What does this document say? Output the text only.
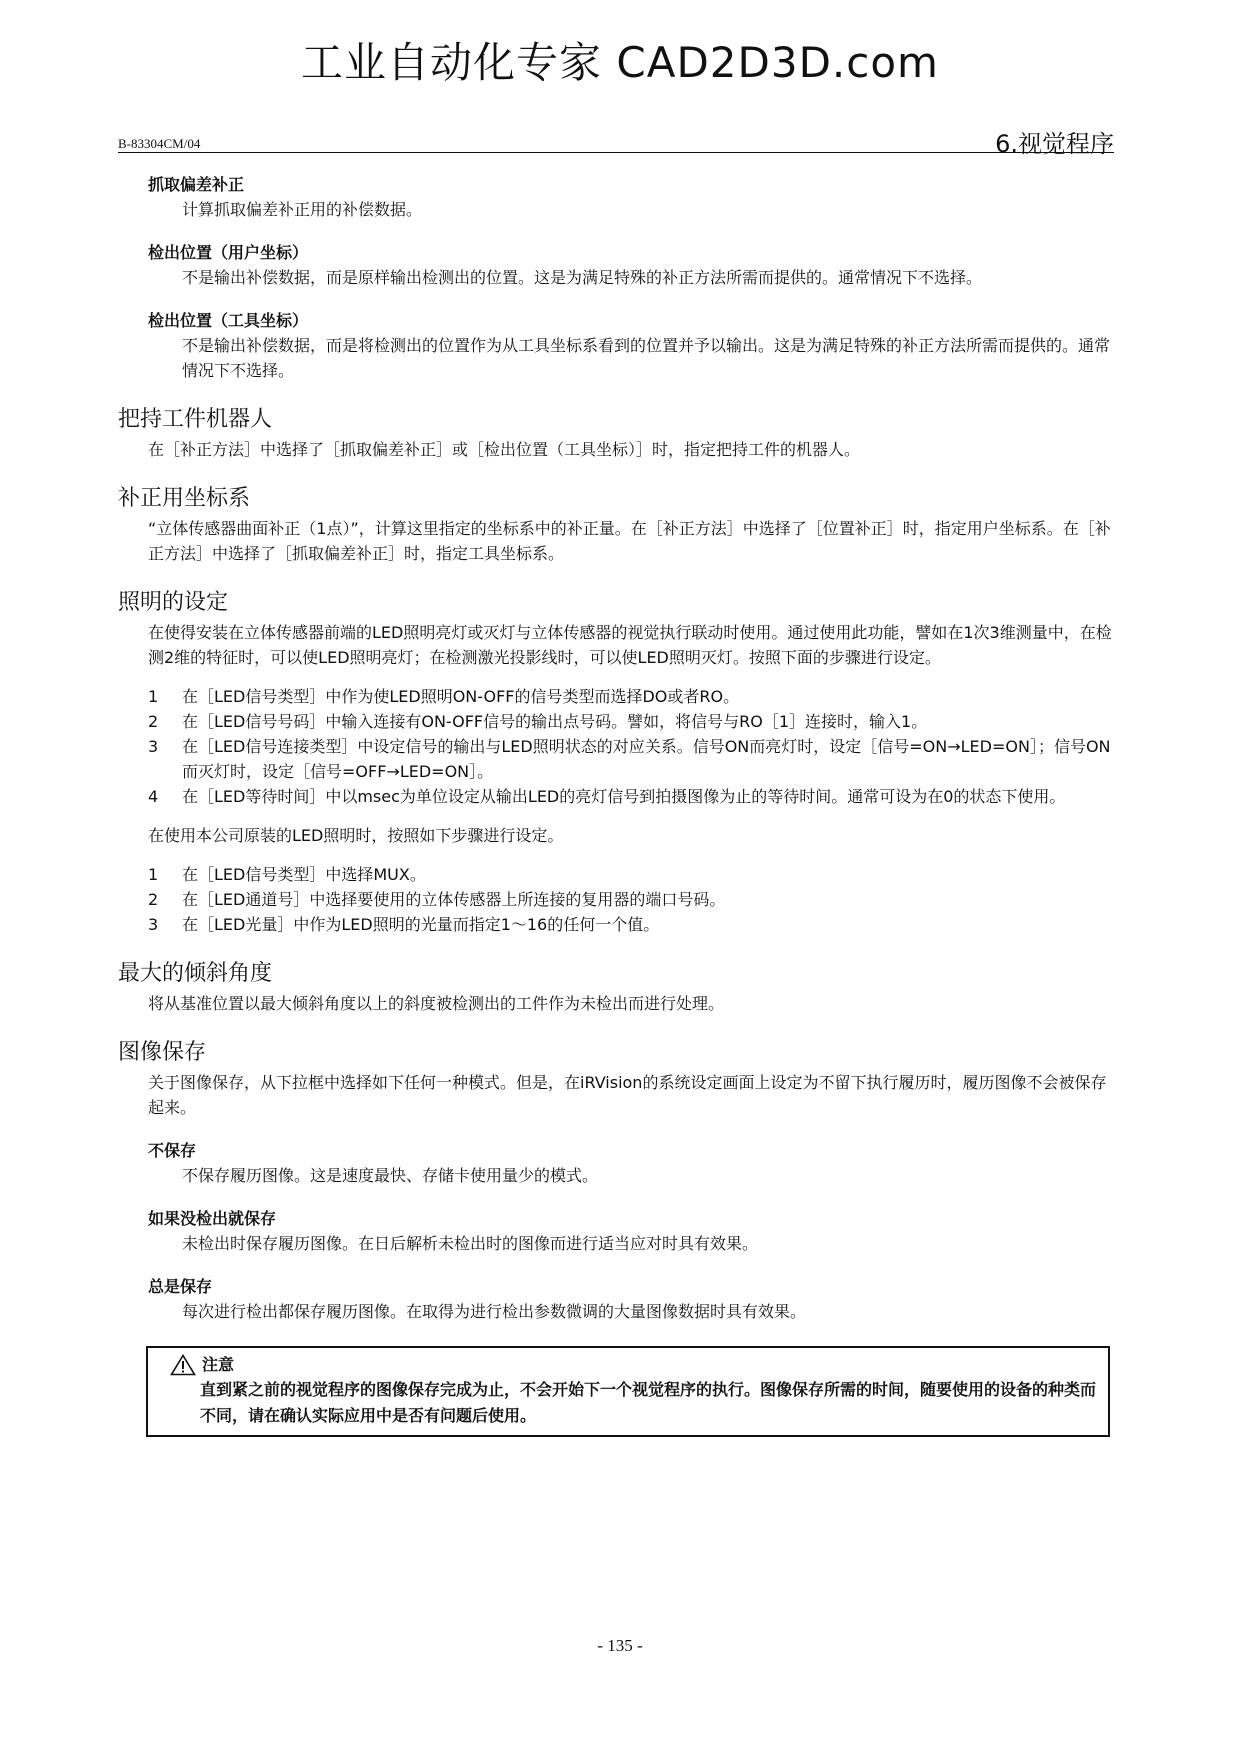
工业自动化专家 CAD2D3D.com
B-83304CM/04	6.视觉程序
抓取偏差补正
计算抓取偏差补正用的补偿数据。
检出位置（用户坐标）
不是输出补偿数据，而是原样输出检测出的位置。这是为满足特殊的补正方法所需而提供的。通常情况下不选择。
检出位置（工具坐标）
不是输出补偿数据，而是将检测出的位置作为从工具坐标系看到的位置并予以输出。这是为满足特殊的补正方法所需而提供的。通常情况下不选择。
把持工件机器人
在［补正方法］中选择了［抓取偏差补正］或［检出位置（工具坐标）］时，指定把持工件的机器人。
补正用坐标系
“立体传感器曲面补正（1点）”，计算这里指定的坐标系中的补正量。在［补正方法］中选择了［位置补正］时，指定用户坐标系。在［补正方法］中选择了［抓取偏差补正］时，指定工具坐标系。
照明的设定
在使得安装在立体传感器前端的LED照明亮灯或灭灯与立体传感器的视觉执行联动时使用。通过使用此功能，譬如在1次3维测量中，在检测2维的特征时，可以使LED照明亮灯；在检测激光投影线时，可以使LED照明灭灯。按照下面的步骤进行设定。
1	在［LED信号类型］中作为使LED照明ON-OFF的信号类型而选择DO或者RO。
2	在［LED信号号码］中输入连接有ON-OFF信号的输出点号码。譬如，将信号与RO［1］连接时，输入1。
3	在［LED信号连接类型］中设定信号的输出与LED照明状态的对应关系。信号ON而亮灯时，设定［信号=ON→LED=ON］；信号ON而灭灯时，设定［信号=OFF→LED=ON］。
4	在［LED等待时间］中以msec为单位设定从输出LED的亮灯信号到拍摄图像为止的等待时间。通常可设为在0的状态下使用。
在使用本公司原装的LED照明时，按照如下步骤进行设定。
1	在［LED信号类型］中选择MUX。
2	在［LED通道号］中选择要使用的立体传感器上所连接的复用器的端口号码。
3	在［LED光量］中作为LED照明的光量而指定1～16的任何一个值。
最大的倾斜角度
将从基准位置以最大倾斜角度以上的斜度被检测出的工件作为未检出而进行处理。
图像保存
关于图像保存，从下拉框中选择如下任何一种模式。但是，在iRVision的系统设定画面上设定为不留下执行履历时，履历图像不会被保存起来。
不保存
不保存履历图像。这是速度最快、存储卡使用量少的模式。
如果没检出就保存
未检出时保存履历图像。在日后解析未检出时的图像而进行适当应对时具有效果。
总是保存
每次进行检出都保存履历图像。在取得为进行检出参数微调的大量图像数据时具有效果。
注意
直到紧之前的视觉程序的图像保存完成为止，不会开始下一个视觉程序的执行。图像保存所需的时间，随要使用的设备的种类而不同，请在确认实际应用中是否有问题后使用。
- 135 -
